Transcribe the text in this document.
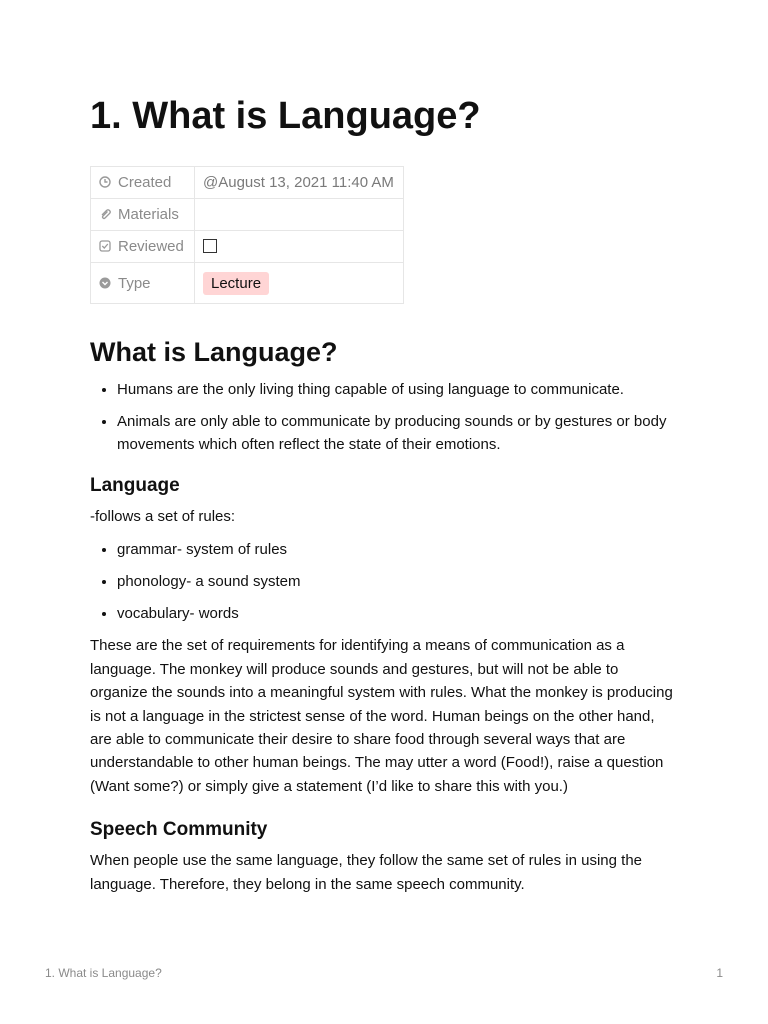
1. What is Language?
Created	@August 13, 2021 11:40 AM
Materials	
Reviewed	
Type	Lecture
What is Language?
• Humans are the only living thing capable of using language to communicate.
• Animals are only able to communicate by producing sounds or by gestures or body movements which often reflect the state of their emotions.
Language

-follows a set of rules:

• grammar- system of rules
• phonology- a sound system
• vocabulary- words

These are the set of requirements for identifying a means of communication as a language. The monkey will produce sounds and gestures, but will not be able to organize the sounds into a meaningful system with rules. What the monkey is producing is not a language in the strictest sense of the word. Human beings on the other hand, are able to communicate their desire to share food through several ways that are understandable to other human beings. The may utter a word (Food!), raise a question (Want some?) or simply give a statement (I’d like to share this with you.)

Speech Community

When people use the same language, they follow the same set of rules in using the language. Therefore, they belong in the same speech community.

1. What is Language?	1
